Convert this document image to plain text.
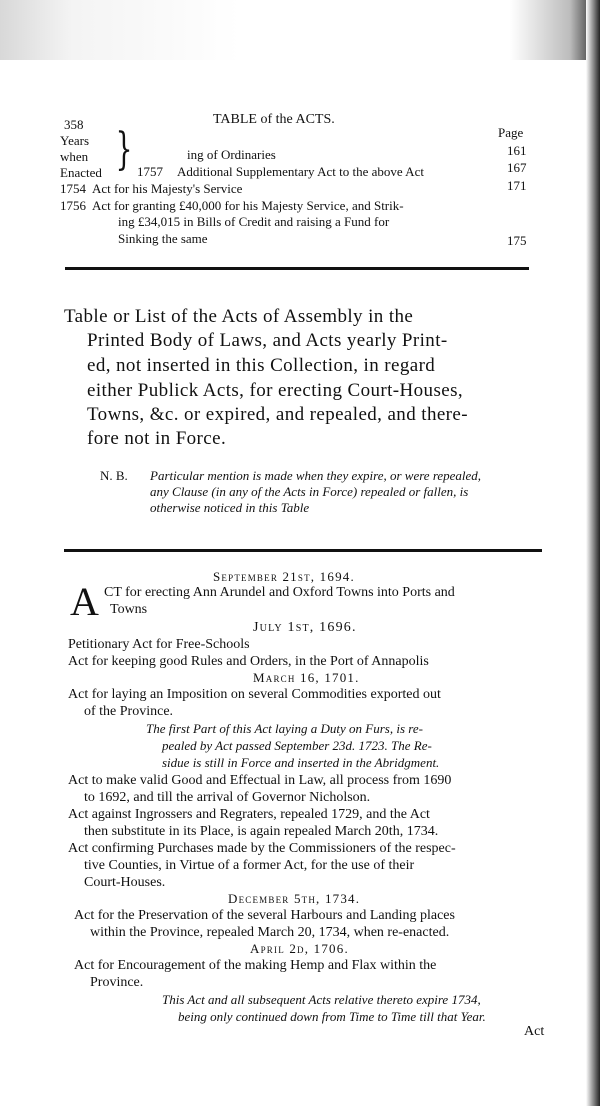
358	TABLE of the ACTS.
Page
Years
when
Enacted }	ing of Ordinaries	161
1757 Additional Supplementary Act to the above Act	167
1754 Act for his Majesty's Service	171
1756 Act for granting £40,000 for his Majesty Service, and Strik-
ing £34,015 in Bills of Credit and raising a Fund for
Sinking the same	175
Table or List of the Acts of Assembly in the
Printed Body of Laws, and Acts yearly Print-
ed, not inserted in this Collection, in regard
either Publick Acts, for erecting Court-Houses,
Towns, &c. or expired, and repealed, and there-
fore not in Force.
N. B. Particular mention is made when they expire, or were repealed,
any Clause (in any of the Acts in Force) repealed or fallen, is
otherwise noticed in this Table
September 21st, 1694.
A CT for erecting Ann Arundel and Oxford Towns into Ports and
Towns
July 1st, 1696.
Petitionary Act for Free-Schools
Act for keeping good Rules and Orders, in the Port of Annapolis
March 16, 1701.
Act for laying an Imposition on several Commodities exported out
of the Province.
The first Part of this Act laying a Duty on Furs, is re-
pealed by Act passed September 23d. 1723. The Re-
sidue is still in Force and inserted in the Abridgment.
Act to make valid Good and Effectual in Law, all process from 1690
to 1692, and till the arrival of Governor Nicholson.
Act against Ingrossers and Regraters, repealed 1729, and the Act
then substitute in its Place, is again repealed March 20th, 1734.
Act confirming Purchases made by the Commissioners of the respec-
tive Counties, in Virtue of a former Act, for the use of their
Court-Houses.
December 5th, 1734.
Act for the Preservation of the several Harbours and Landing places
within the Province, repealed March 20, 1734, when re-enacted.
April 2d, 1706.
Act for Encouragement of the making Hemp and Flax within the
Province.
This Act and all subsequent Acts relative thereto expire 1734,
being only continued down from Time to Time till that Year.
Act
